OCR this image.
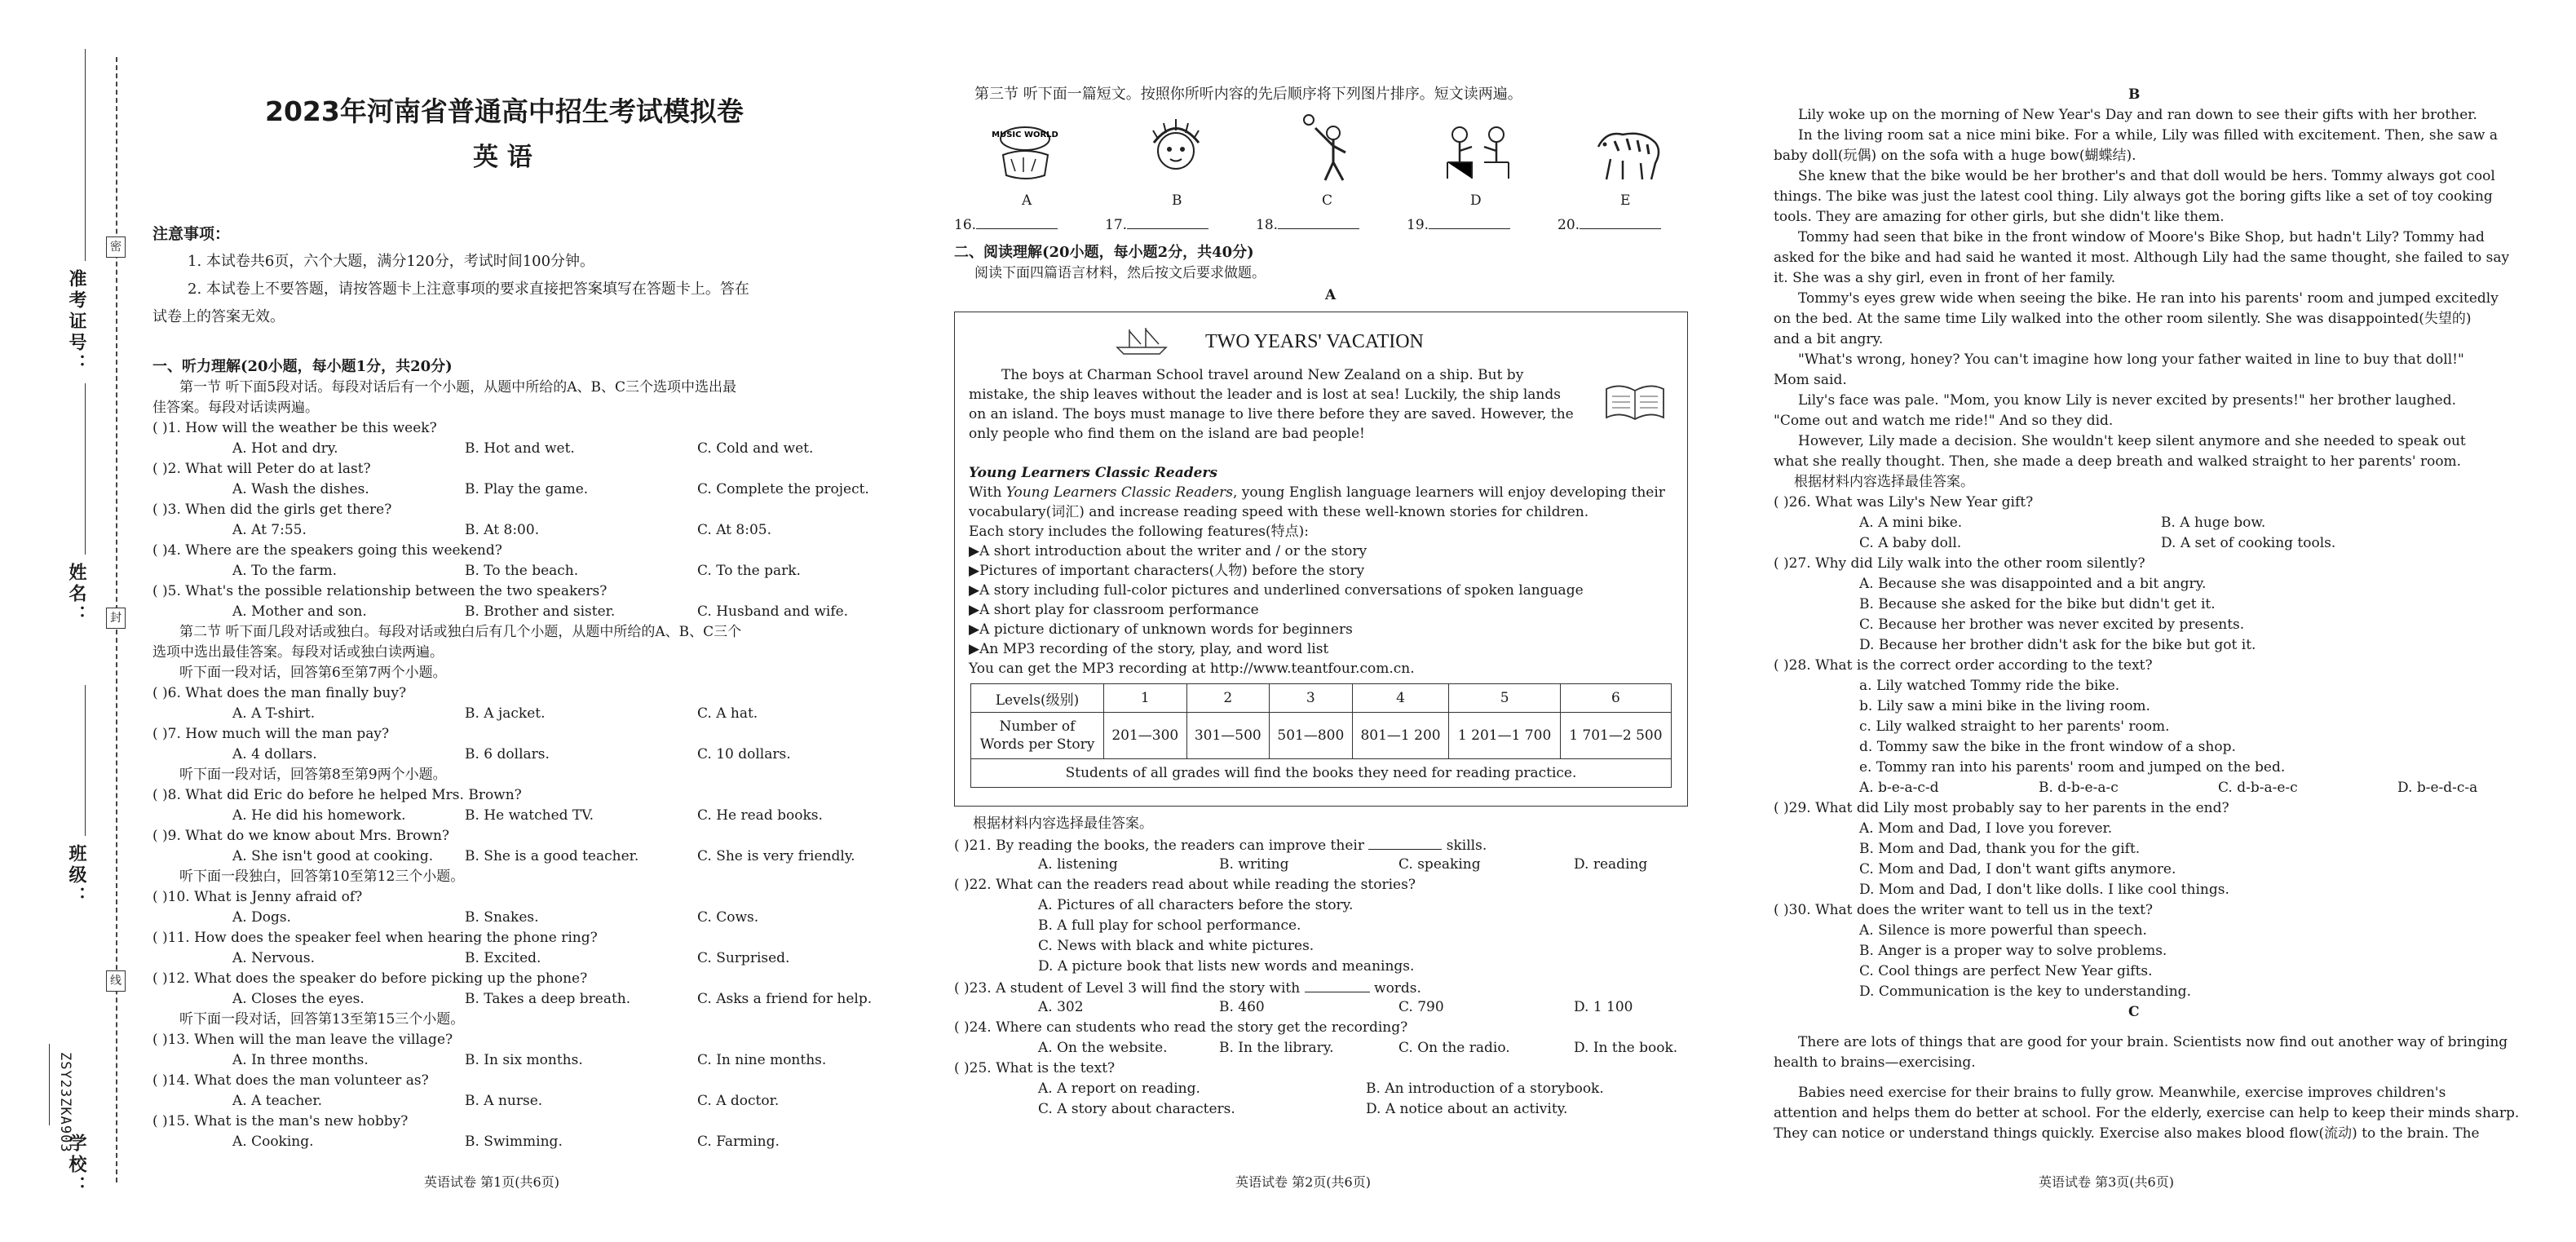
准考证号：
姓名：
班级：
学校：
密
封
线
ZSY23ZKA903
2023年河南省普通高中招生考试模拟卷
英 语
注意事项：
1. 本试卷共6页，六个大题，满分120分，考试时间100分钟。
2. 本试卷上不要答题，请按答题卡上注意事项的要求直接把答案填写在答题卡上。答在
试卷上的答案无效。
一、听力理解(20小题，每小题1分，共20分)
第一节 听下面5段对话。每段对话后有一个小题，从题中所给的A、B、C三个选项中选出最
佳答案。每段对话读两遍。
( )1. How will the weather be this week?
A. Hot and dry.	B. Hot and wet.	C. Cold and wet.
( )2. What will Peter do at last?
A. Wash the dishes.	B. Play the game.	C. Complete the project.
( )3. When did the girls get there?
A. At 7:55.	B. At 8:00.	C. At 8:05.
( )4. Where are the speakers going this weekend?
A. To the farm.	B. To the beach.	C. To the park.
( )5. What's the possible relationship between the two speakers?
A. Mother and son.	B. Brother and sister.	C. Husband and wife.
第二节 听下面几段对话或独白。每段对话或独白后有几个小题，从题中所给的A、B、C三个
选项中选出最佳答案。每段对话或独白读两遍。
听下面一段对话，回答第6至第7两个小题。
( )6. What does the man finally buy?
A. A T-shirt.	B. A jacket.	C. A hat.
( )7. How much will the man pay?
A. 4 dollars.	B. 6 dollars.	C. 10 dollars.
听下面一段对话，回答第8至第9两个小题。
( )8. What did Eric do before he helped Mrs. Brown?
A. He did his homework.	B. He watched TV.	C. He read books.
( )9. What do we know about Mrs. Brown?
A. She isn't good at cooking. B. She is a good teacher.	C. She is very friendly.
听下面一段独白，回答第10至第12三个小题。
( )10. What is Jenny afraid of?
A. Dogs.	B. Snakes.	C. Cows.
( )11. How does the speaker feel when hearing the phone ring?
A. Nervous.	B. Excited.	C. Surprised.
( )12. What does the speaker do before picking up the phone?
A. Closes the eyes.	B. Takes a deep breath.	C. Asks a friend for help.
听下面一段对话，回答第13至第15三个小题。
( )13. When will the man leave the village?
A. In three months.	B. In six months.	C. In nine months.
( )14. What does the man volunteer as?
A. A teacher.	B. A nurse.	C. A doctor.
( )15. What is the man's new hobby?
A. Cooking.	B. Swimming.	C. Farming.
英语试卷 第1页(共6页)
第三节 听下面一篇短文。按照你所听内容的先后顺序将下列图片排序。短文读两遍。
MUSIC WORLD
A	B	C	D	E
16.	17.	18.	19.	20.
二、阅读理解(20小题，每小题2分，共40分)
阅读下面四篇语言材料，然后按文后要求做题。
A
TWO YEARS' VACATION
The boys at Charman School travel around New Zealand on a ship. But by
mistake, the ship leaves without the leader and is lost at sea! Luckily, the ship lands
on an island. The boys must manage to live there before they are saved. However, the
only people who find them on the island are bad people!
Young Learners Classic Readers
With Young Learners Classic Readers, young English language learners will enjoy developing their
vocabulary(词汇) and increase reading speed with these well-known stories for children.
Each story includes the following features(特点):
▶A short introduction about the writer and / or the story
▶Pictures of important characters(人物) before the story
▶A story including full-color pictures and underlined conversations of spoken language
▶A short play for classroom performance
▶A picture dictionary of unknown words for beginners
▶An MP3 recording of the story, play, and word list
You can get the MP3 recording at http://www.teantfour.com.cn.
Levels(级别)	1	2	3	4	5	6
Number of
Words per Story	201—300	301—500	501—800	801—1 200	1 201—1 700	1 701—2 500
Students of all grades will find the books they need for reading practice.						
根据材料内容选择最佳答案。
( )21. By reading the books, the readers can improve their	skills.
A. listening	B. writing	C. speaking	D. reading
( )22. What can the readers read about while reading the stories?
A. Pictures of all characters before the story.
B. A full play for school performance.
C. News with black and white pictures.
D. A picture book that lists new words and meanings.
( )23. A student of Level 3 will find the story with	words.
A. 302	B. 460	C. 790	D. 1 100
( )24. Where can students who read the story get the recording?
A. On the website.	B. In the library.	C. On the radio.	D. In the book.
( )25. What is the text?
A. A report on reading.	B. An introduction of a storybook.
C. A story about characters.	D. A notice about an activity.
英语试卷 第2页(共6页)
B
Lily woke up on the morning of New Year's Day and ran down to see their gifts with her brother.
In the living room sat a nice mini bike. For a while, Lily was filled with excitement. Then, she saw a
baby doll(玩偶) on the sofa with a huge bow(蝴蝶结).
She knew that the bike would be her brother's and that doll would be hers. Tommy always got cool
things. The bike was just the latest cool thing. Lily always got the boring gifts like a set of toy cooking
tools. They are amazing for other girls, but she didn't like them.
Tommy had seen that bike in the front window of Moore's Bike Shop, but hadn't Lily? Tommy had
asked for the bike and had said he wanted it most. Although Lily had the same thought, she failed to say
it. She was a shy girl, even in front of her family.
Tommy's eyes grew wide when seeing the bike. He ran into his parents' room and jumped excitedly
on the bed. At the same time Lily walked into the other room silently. She was disappointed(失望的)
and a bit angry.
"What's wrong, honey? You can't imagine how long your father waited in line to buy that doll!"
Mom said.
Lily's face was pale. "Mom, you know Lily is never excited by presents!" her brother laughed.
"Come out and watch me ride!" And so they did.
However, Lily made a decision. She wouldn't keep silent anymore and she needed to speak out
what she really thought. Then, she made a deep breath and walked straight to her parents' room.
根据材料内容选择最佳答案。
( )26. What was Lily's New Year gift?
A. A mini bike.	B. A huge bow.
C. A baby doll.	D. A set of cooking tools.
( )27. Why did Lily walk into the other room silently?
A. Because she was disappointed and a bit angry.
B. Because she asked for the bike but didn't get it.
C. Because her brother was never excited by presents.
D. Because her brother didn't ask for the bike but got it.
( )28. What is the correct order according to the text?
a. Lily watched Tommy ride the bike.
b. Lily saw a mini bike in the living room.
c. Lily walked straight to her parents' room.
d. Tommy saw the bike in the front window of a shop.
e. Tommy ran into his parents' room and jumped on the bed.
A. b-e-a-c-d	B. d-b-e-a-c	C. d-b-a-e-c	D. b-e-d-c-a
( )29. What did Lily most probably say to her parents in the end?
A. Mom and Dad, I love you forever.
B. Mom and Dad, thank you for the gift.
C. Mom and Dad, I don't want gifts anymore.
D. Mom and Dad, I don't like dolls. I like cool things.
( )30. What does the writer want to tell us in the text?
A. Silence is more powerful than speech.
B. Anger is a proper way to solve problems.
C. Cool things are perfect New Year gifts.
D. Communication is the key to understanding.
C
There are lots of things that are good for your brain. Scientists now find out another way of bringing
health to brains—exercising.
Babies need exercise for their brains to fully grow. Meanwhile, exercise improves children's
attention and helps them do better at school. For the elderly, exercise can help to keep their minds sharp.
They can notice or understand things quickly. Exercise also makes blood flow(流动) to the brain. The
英语试卷 第3页(共6页)
